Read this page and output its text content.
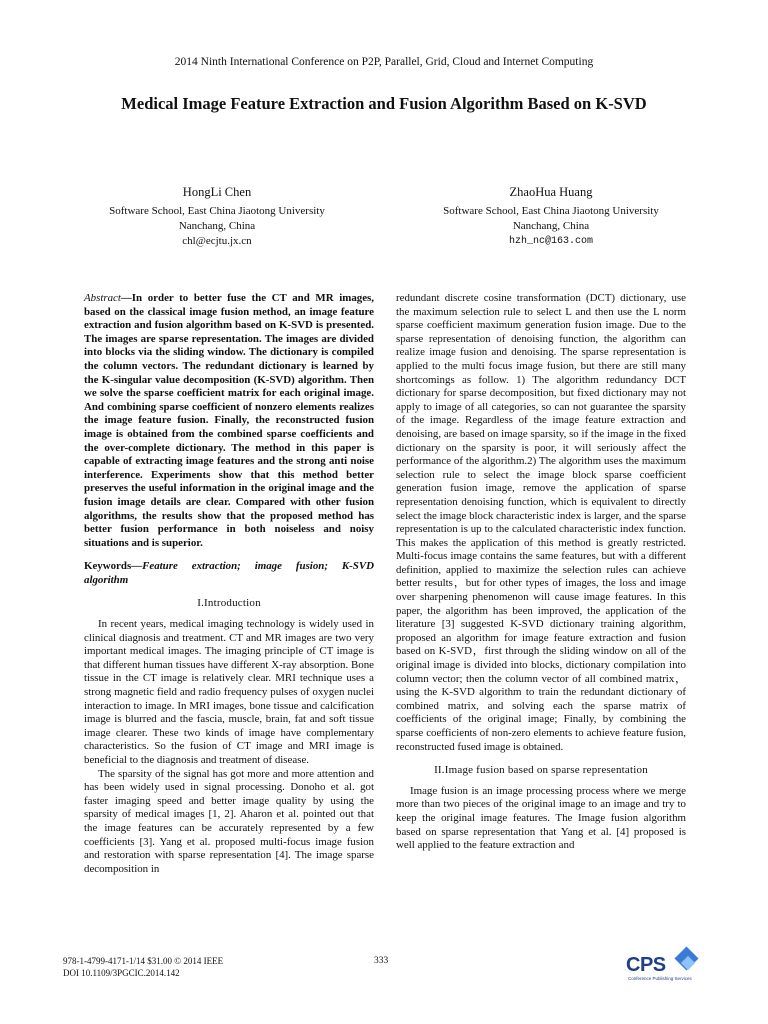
2014 Ninth International Conference on P2P, Parallel, Grid, Cloud and Internet Computing
Medical Image Feature Extraction and Fusion Algorithm Based on K-SVD
HongLi Chen
Software School, East China Jiaotong University
Nanchang, China
chl@ecjtu.jx.cn
ZhaoHua Huang
Software School, East China Jiaotong University
Nanchang, China
hzh_nc@163.com

Abstract—In order to better fuse the CT and MR images, based on the classical image fusion method, an image feature extraction and fusion algorithm based on K-SVD is presented. The images are sparse representation. The images are divided into blocks via the sliding window. The dictionary is compiled the column vectors. The redundant dictionary is learned by the K-singular value decomposition (K-SVD) algorithm. Then we solve the sparse coefficient matrix for each original image. And combining sparse coefficient of nonzero elements realizes the image feature fusion. Finally, the reconstructed fusion image is obtained from the combined sparse coefficients and the over-complete dictionary. The method in this paper is capable of extracting image features and the strong anti noise interference. Experiments show that this method better preserves the useful information in the original image and the fusion image details are clear. Compared with other fusion algorithms, the results show that the proposed method has better fusion performance in both noiseless and noisy situations and is superior.

Keywords—Feature extraction; image fusion; K-SVD algorithm

I.Introduction

In recent years, medical imaging technology is widely used in clinical diagnosis and treatment. CT and MR images are two very important medical images. The imaging principle of CT image is that different human tissues have different X-ray absorption. Bone tissue in the CT image is relatively clear. MRI technique uses a strong magnetic field and radio frequency pulses of oxygen nuclei interaction to image. In MRI images, bone tissue and calcification image is blurred and the fascia, muscle, brain, fat and soft tissue image clearer. These two kinds of image have complementary characteristics. So the fusion of CT image and MRI image is beneficial to the diagnosis and treatment of disease.

The sparsity of the signal has got more and more attention and has been widely used in signal processing. Donoho et al. got faster imaging speed and better image quality by using the sparsity of medical images [1, 2]. Aharon et al. pointed out that the image features can be accurately represented by a few coefficients [3]. Yang et al. proposed multi-focus image fusion and restoration with sparse representation [4]. The image sparse decomposition in

redundant discrete cosine transformation (DCT) dictionary, use the maximum selection rule to select L and then use the L norm sparse coefficient maximum generation fusion image. Due to the sparse representation of denoising function, the algorithm can realize image fusion and denoising. The sparse representation is applied to the multi focus image fusion, but there are still many shortcomings as follow. 1) The algorithm redundancy DCT dictionary for sparse decomposition, but fixed dictionary may not apply to image of all categories, so can not guarantee the sparsity of the image. Regardless of the image feature extraction and denoising, are based on image sparsity, so if the image in the fixed dictionary on the sparsity is poor, it will seriously affect the performance of the algorithm.2) The algorithm uses the maximum selection rule to select the image block sparse coefficient generation fusion image, remove the application of sparse representation denoising function, which is equivalent to directly select the image block characteristic index is larger, and the sparse representation is up to the calculated characteristic index function. This makes the application of this method is greatly restricted. Multi-focus image contains the same features, but with a different definition, applied to maximize the selection rules can achieve better results，but for other types of images, the loss and image over sharpening phenomenon will cause image features. In this paper, the algorithm has been improved, the application of the literature [3] suggested K-SVD dictionary training algorithm, proposed an algorithm for image feature extraction and fusion based on K-SVD，first through the sliding window on all of the original image is divided into blocks, dictionary compilation into column vector; then the column vector of all combined matrix，using the K-SVD algorithm to train the redundant dictionary of combined matrix, and solving each the sparse matrix of coefficients of the original image; Finally, by combining the sparse coefficients of non-zero elements to achieve feature fusion, reconstructed fused image is obtained.

II.Image fusion based on sparse representation

Image fusion is an image processing process where we merge more than two pieces of the original image to an image and try to keep the original image features. The Image fusion algorithm based on sparse representation that Yang et al. [4] proposed is well applied to the feature extraction and

978-1-4799-4171-1/14 $31.00 © 2014 IEEE
DOI 10.1109/3PGCIC.2014.142
333	CPS
Conference Publishing Services
